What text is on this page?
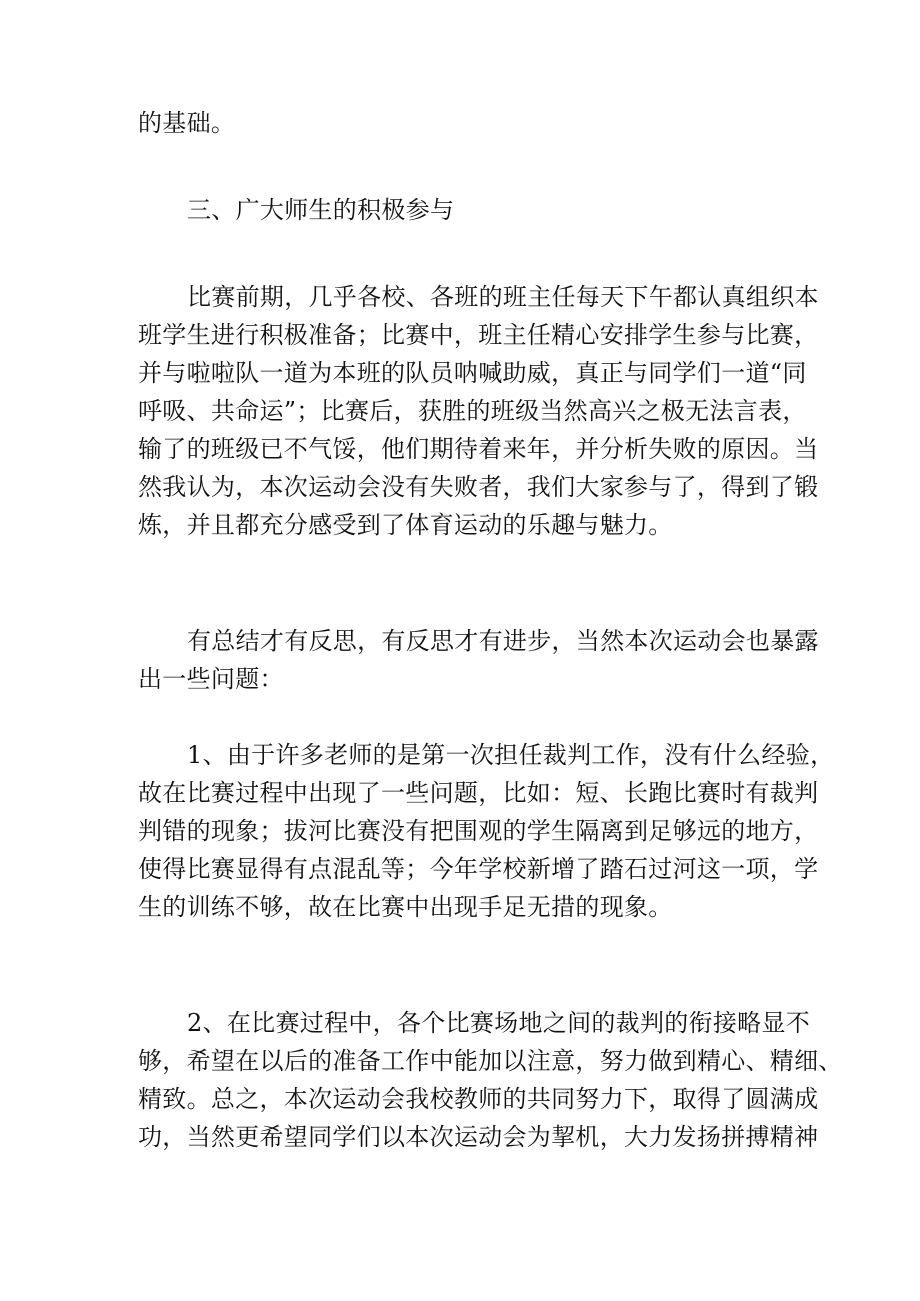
的基础。
三、广大师生的积极参与
比赛前期，几乎各校、各班的班主任每天下午都认真组织本
班学生进行积极准备；比赛中，班主任精心安排学生参与比赛，
并与啦啦队一道为本班的队员呐喊助威，真正与同学们一道“同
呼吸、共命运”；比赛后，获胜的班级当然高兴之极无法言表，
输了的班级已不气馁，他们期待着来年，并分析失败的原因。当
然我认为，本次运动会没有失败者，我们大家参与了，得到了锻
炼，并且都充分感受到了体育运动的乐趣与魅力。
有总结才有反思，有反思才有进步，当然本次运动会也暴露
出一些问题：
1、由于许多老师的是第一次担任裁判工作，没有什么经验，
故在比赛过程中出现了一些问题，比如：短、长跑比赛时有裁判
判错的现象；拔河比赛没有把围观的学生隔离到足够远的地方，
使得比赛显得有点混乱等；今年学校新增了踏石过河这一项，学
生的训练不够，故在比赛中出现手足无措的现象。
2、在比赛过程中，各个比赛场地之间的裁判的衔接略显不
够，希望在以后的准备工作中能加以注意，努力做到精心、精细、
精致。总之，本次运动会我校教师的共同努力下，取得了圆满成
功，当然更希望同学们以本次运动会为挈机，大力发扬拼搏精神
